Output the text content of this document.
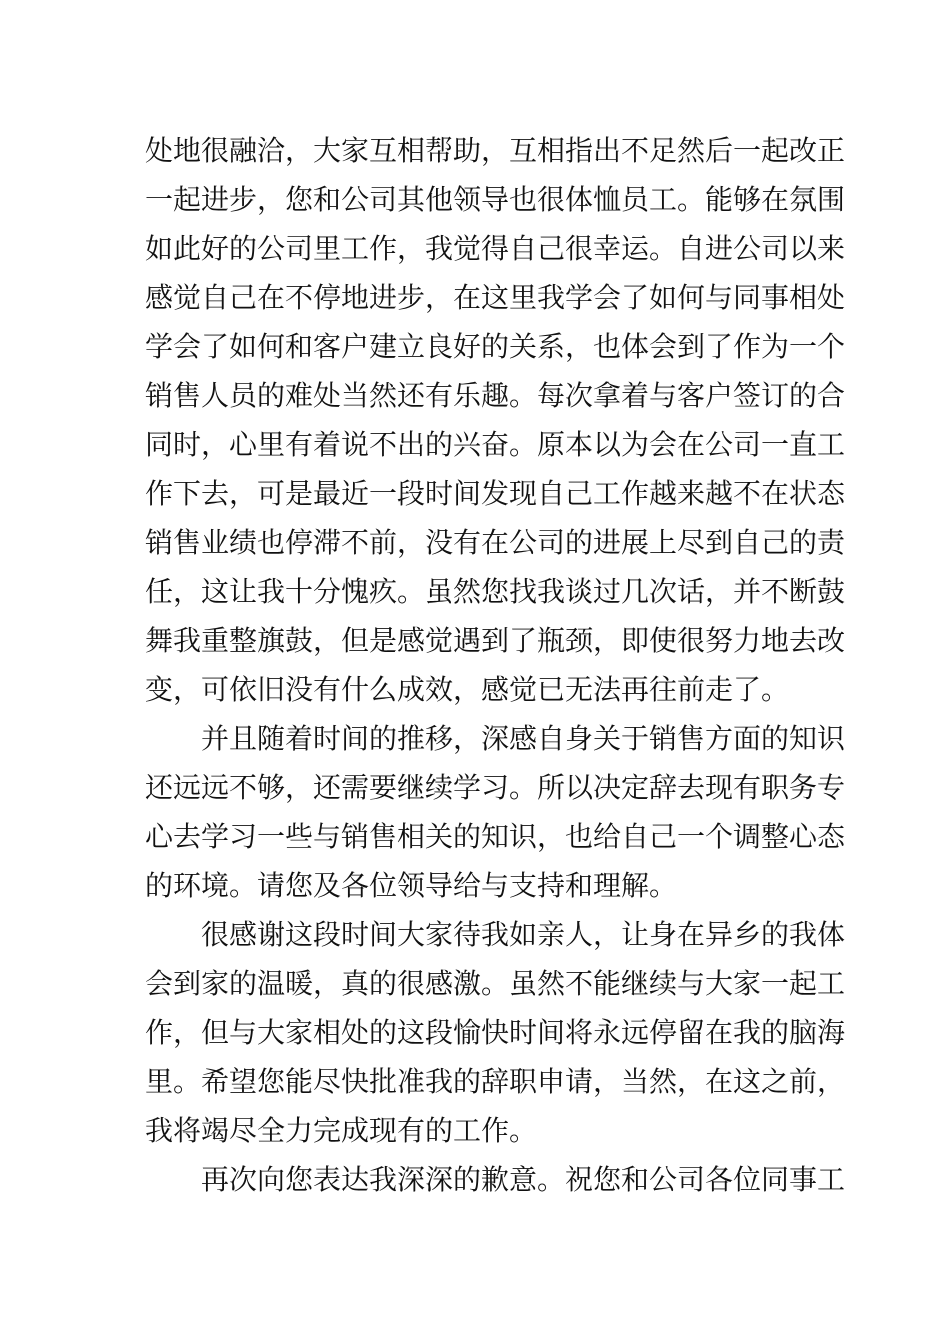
处地很融洽，大家互相帮助，互相指出不足然后一起改正
一起进步，您和公司其他领导也很体恤员工。能够在氛围
如此好的公司里工作，我觉得自己很幸运。自进公司以来
感觉自己在不停地进步，在这里我学会了如何与同事相处
学会了如何和客户建立良好的关系，也体会到了作为一个
销售人员的难处当然还有乐趣。每次拿着与客户签订的合
同时，心里有着说不出的兴奋。原本以为会在公司一直工
作下去，可是最近一段时间发现自己工作越来越不在状态
销售业绩也停滞不前，没有在公司的进展上尽到自己的责
任，这让我十分愧疚。虽然您找我谈过几次话，并不断鼓
舞我重整旗鼓，但是感觉遇到了瓶颈，即使很努力地去改
变，可依旧没有什么成效，感觉已无法再往前走了。
并且随着时间的推移，深感自身关于销售方面的知识
还远远不够，还需要继续学习。所以决定辞去现有职务专
心去学习一些与销售相关的知识，也给自己一个调整心态
的环境。请您及各位领导给与支持和理解。
很感谢这段时间大家待我如亲人，让身在异乡的我体
会到家的温暖，真的很感激。虽然不能继续与大家一起工
作，但与大家相处的这段愉快时间将永远停留在我的脑海
里。希望您能尽快批准我的辞职申请，当然，在这之前，
我将竭尽全力完成现有的工作。
再次向您表达我深深的歉意。祝您和公司各位同事工
